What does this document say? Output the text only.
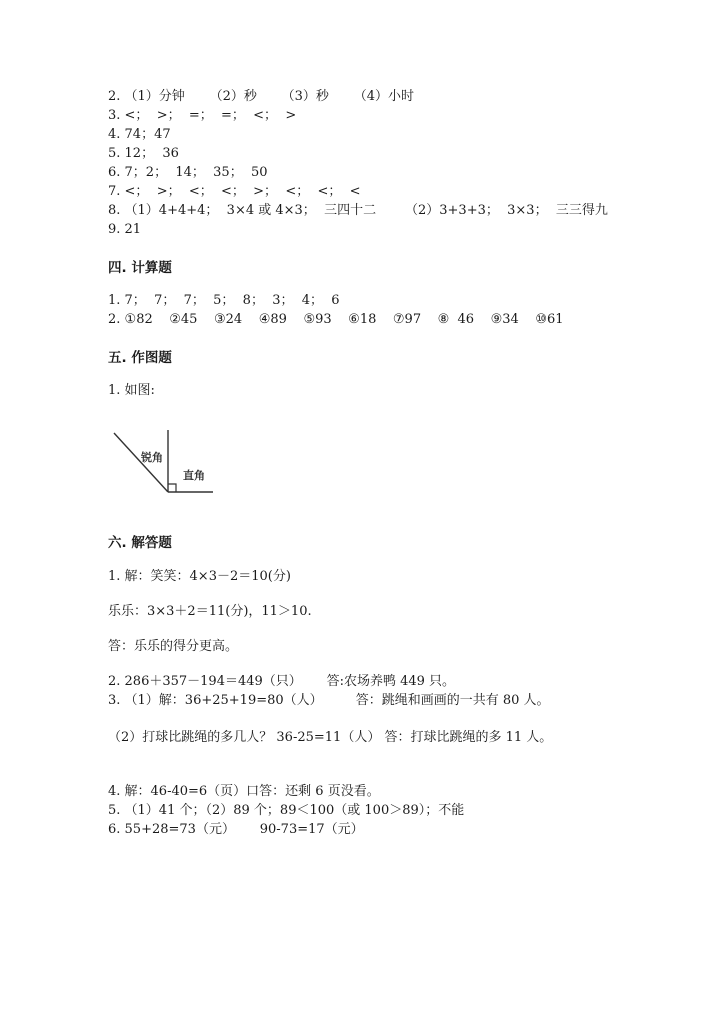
2. （1）分钟      （2）秒      （3）秒      （4）小时
3. <；  >；  =；  =；  <；  >
4. 74；47
5. 12；  36
6. 7；2；  14；  35；  50
7. <；  >；  <；  <；  >；  <；  <；  <
8. （1）4+4+4；  3×4 或 4×3；  三四十二       （2）3+3+3；  3×3；  三三得九
9. 21
四. 计算题
1. 7；  7；  7；  5；  8；  3；  4；  6
2. ①82    ②45    ③24    ④89    ⑤93    ⑥18    ⑦97    ⑧  46    ⑨34    ⑩61
五. 作图题
1. 如图:
锐角
直角
六. 解答题
1. 解：笑笑：4×3－2＝10(分)
乐乐：3×3＋2＝11(分)，11＞10.
答：乐乐的得分更高。
2. 286＋357－194＝449（只）      答:农场养鸭 449 只。
3. （1）解：36+25+19=80（人）        答：跳绳和画画的一共有 80 人。
（2）打球比跳绳的多几人？ 36-25=11（人） 答：打球比跳绳的多 11 人。
4. 解：46-40=6（页）口答：还剩 6 页没看。
5. （1）41 个；（2）89 个；89＜100（或 100＞89）；不能
6. 55+28=73（元）      90-73=17（元）
